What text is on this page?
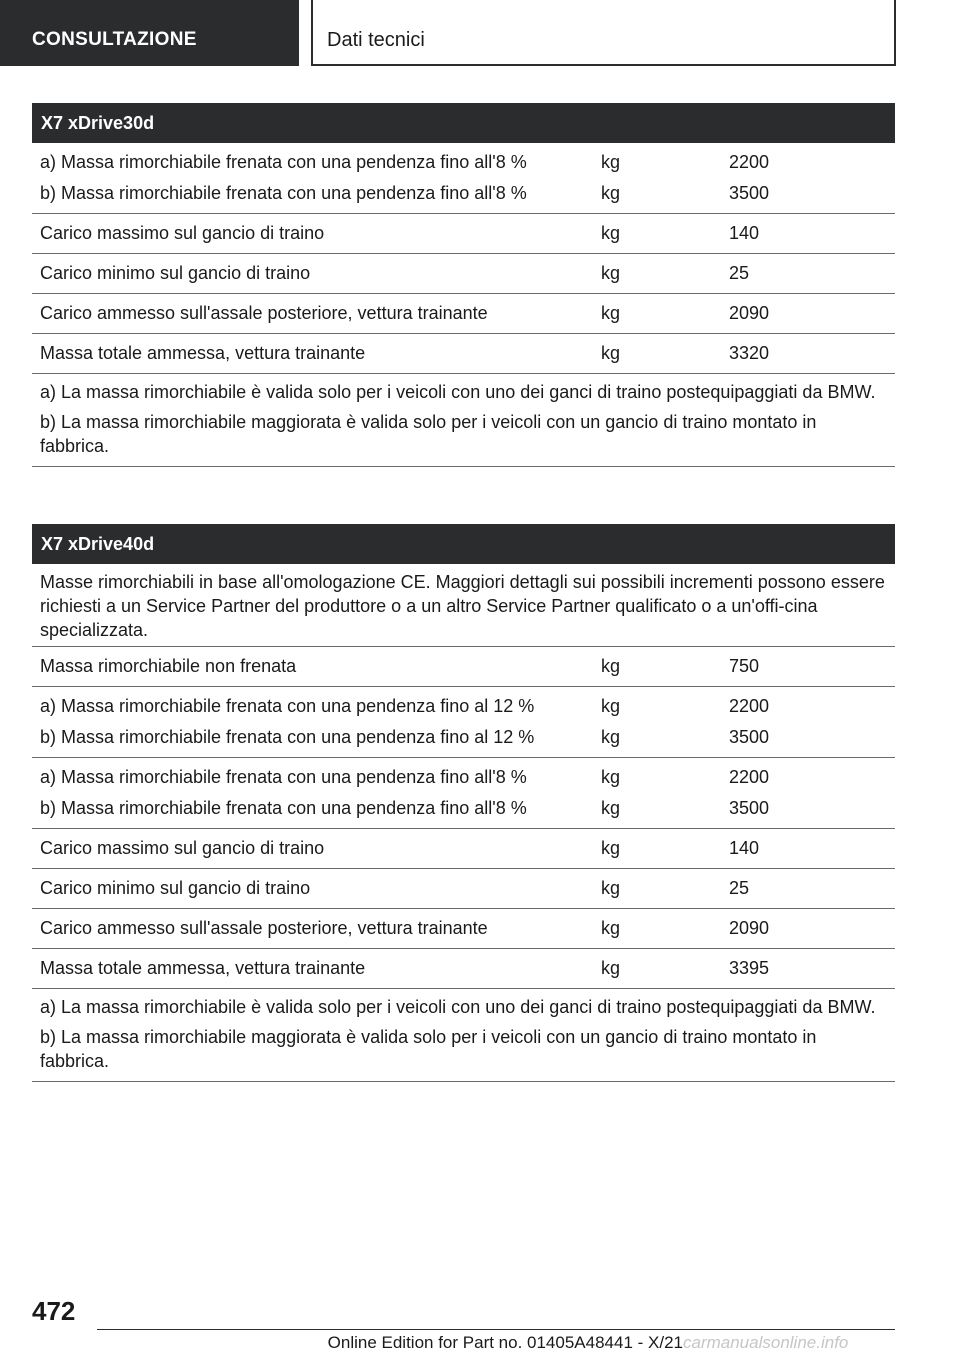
CONSULTAZIONE	Dati tecnici
X7 xDrive30d
a) Massa rimorchiabile frenata con una pendenza fino all'8 %	kg	2200
b) Massa rimorchiabile frenata con una pendenza fino all'8 %	kg	3500
Carico massimo sul gancio di traino	kg	140
Carico minimo sul gancio di traino	kg	25
Carico ammesso sull'assale posteriore, vettura trainante	kg	2090
Massa totale ammessa, vettura trainante	kg	3320

a) La massa rimorchiabile è valida solo per i veicoli con uno dei ganci di traino postequipaggiati da BMW.

b) La massa rimorchiabile maggiorata è valida solo per i veicoli con un gancio di traino montato in fabbrica.

X7 xDrive40d

Masse rimorchiabili in base all'omologazione CE. Maggiori dettagli sui possibili incrementi possono essere richiesti a un Service Partner del produttore o a un altro Service Partner qualificato o a un'offi-cina specializzata.

Massa rimorchiabile non frenata	kg	750
a) Massa rimorchiabile frenata con una pendenza fino al 12 %	kg	2200
b) Massa rimorchiabile frenata con una pendenza fino al 12 %	kg	3500
a) Massa rimorchiabile frenata con una pendenza fino all'8 %	kg	2200
b) Massa rimorchiabile frenata con una pendenza fino all'8 %	kg	3500
Carico massimo sul gancio di traino	kg	140
Carico minimo sul gancio di traino	kg	25
Carico ammesso sull'assale posteriore, vettura trainante	kg	2090
Massa totale ammessa, vettura trainante	kg	3395

a) La massa rimorchiabile è valida solo per i veicoli con uno dei ganci di traino postequipaggiati da BMW.

b) La massa rimorchiabile maggiorata è valida solo per i veicoli con un gancio di traino montato in fabbrica.

472
Online Edition for Part no. 01405A48441 - X/21 carmanualsonline.info
